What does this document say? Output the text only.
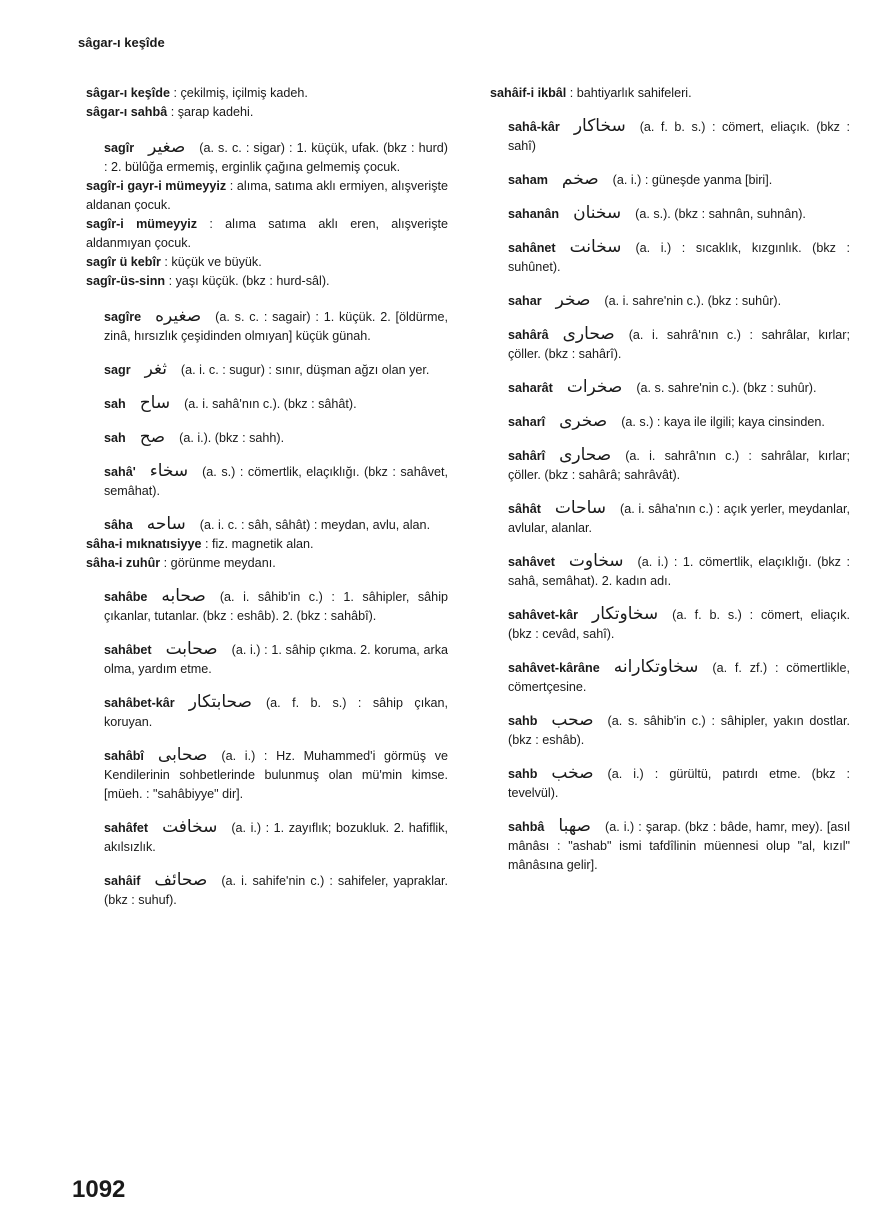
sâgar-ı keşîde

sâgar-ı keşîde : çekilmiş, içilmiş kadeh.

sâgar-ı sahbâ : şarap kadehi.

sagîr صغیر (a. s. c. : sigar) : 1. küçük, ufak. (bkz : hurd) : 2. bülûğa ermemiş, erginlik çağına gelmemiş çocuk.

sagîr-i gayr-i mümeyyiz : alıma, satıma aklı ermiyen, alışverişte aldanan çocuk.

sagîr-i mümeyyiz : alıma satıma aklı eren, alışverişte aldanmıyan çocuk.

sagîr ü kebîr : küçük ve büyük.

sagîr-üs-sinn : yaşı küçük. (bkz : hurd-sâl).

sagîre صغیره (a. s. c. : sagair) : 1. küçük. 2. [öldürme, zinâ, hırsızlık çeşidinden olmıyan] küçük günah.

sagr ثغر (a. i. c. : sugur) : sınır, düşman ağzı olan yer.

sah ساح (a. i. sahâ'nın c.). (bkz : sâhât).

sah صح (a. i.). (bkz : sahh).

sahâ' سخاء (a. s.) : cömertlik, elaçıklığı. (bkz : sahâvet, semâhat).

sâha ساحه (a. i. c. : sâh, sâhât) : meydan, avlu, alan.

sâha-i mıknatısiyye : fiz. magnetik alan.

sâha-i zuhûr : görünme meydanı.

sahâbe صحابه (a. i. sâhib'in c.) : 1. sâhipler, sâhip çıkanlar, tutanlar. (bkz : eshâb). 2. (bkz : sahâbî).

sahâbet صحابت (a. i.) : 1. sâhip çıkma. 2. koruma, arka olma, yardım etme.

sahâbet-kâr صحابتکار (a. f. b. s.) : sâhip çıkan, koruyan.

sahâbî صحابی (a. i.) : Hz. Muhammed'i görmüş ve Kendilerinin sohbetlerinde bulunmuş olan mü'min kimse. [müeh. : "sahâbiyye" dir].

sahâfet سخافت (a. i.) : 1. zayıflık; bozukluk. 2. hafiflik, akılsızlık.

sahâif صحائف (a. i. sahife'nin c.) : sahifeler, yapraklar. (bkz : suhuf).

sahâif-i ikbâl : bahtiyarlık sahifeleri.

sahâ-kâr سخاکار (a. f. b. s.) : cömert, eliaçık. (bkz : sahî)

saham صخم (a. i.) : güneşde yanma [biri].

sahanân سخنان (a. s.). (bkz : sahnân, suhnân).

sahânet سخانت (a. i.) : sıcaklık, kızgınlık. (bkz : suhûnet).

sahar صخر (a. i. sahre'nin c.). (bkz : suhûr).

sahârâ صحاری (a. i. sahrâ'nın c.) : sahrâlar, kırlar; çöller. (bkz : sahârî).

saharât صخرات (a. s. sahre'nin c.). (bkz : suhûr).

saharî صخری (a. s.) : kaya ile ilgili; kaya cinsinden.

sahârî صحاری (a. i. sahrâ'nın c.) : sahrâlar, kırlar; çöller. (bkz : sahârâ; sahrâvât).

sâhât ساحات (a. i. sâha'nın c.) : açık yerler, meydanlar, avlular, alanlar.

sahâvet سخاوت (a. i.) : 1. cömertlik, elaçıklığı. (bkz : sahâ, semâhat). 2. kadın adı.

sahâvet-kâr سخاوتکار (a. f. b. s.) : cömert, eliaçık. (bkz : cevâd, sahî).

sahâvet-kârâne سخاوتکارانه (a. f. zf.) : cömertlikle, cömertçesine.

sahb صحب (a. s. sâhib'in c.) : sâhipler, yakın dostlar. (bkz : eshâb).

sahb صخب (a. i.) : gürültü, patırdı etme. (bkz : tevelvül).

sahbâ صهبا (a. i.) : şarap. (bkz : bâde, hamr, mey). [asıl mânâsı : "ashab" ismi tafdîlinin müennesi olup "al, kızıl" mânâsına gelir].

1092
